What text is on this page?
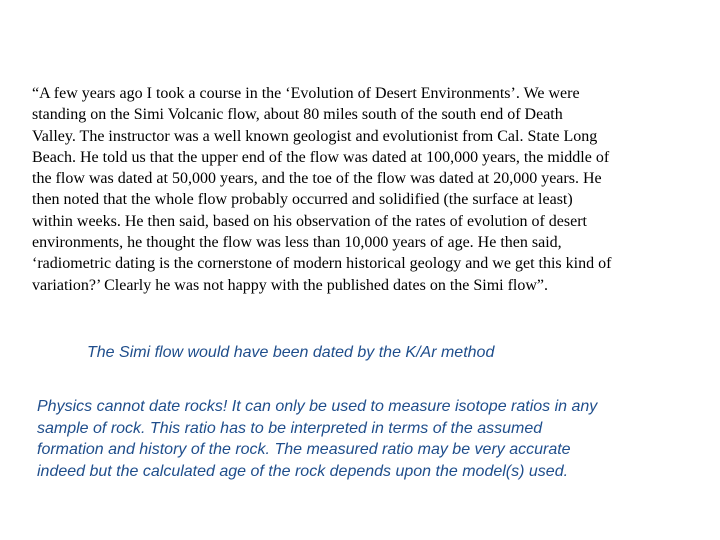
“A few years ago I took a course in the ‘Evolution of Desert Environments’. We were
standing on the Simi Volcanic flow, about 80 miles south of the south end of Death
Valley. The instructor was a well known geologist and evolutionist from Cal. State Long
Beach. He told us that the upper end of the flow was dated at 100,000 years, the middle of
the flow was dated at 50,000 years, and the toe of the flow was dated at 20,000 years. He
then noted that the whole flow probably occurred and solidified (the surface at least)
within weeks. He then said, based on his observation of the rates of evolution of desert
environments, he thought the flow was less than 10,000 years of age. He then said,
‘radiometric dating is the cornerstone of modern historical geology and we get this kind of
variation?’ Clearly he was not happy with the published dates on the Simi flow”.

The Simi flow would have been dated by the K/Ar method

Physics cannot date rocks! It can only be used to measure isotope ratios in any
sample of rock. This ratio has to be interpreted in terms of the assumed
formation and history of the rock. The measured ratio may be very accurate
indeed but the calculated age of the rock depends upon the model(s) used.
